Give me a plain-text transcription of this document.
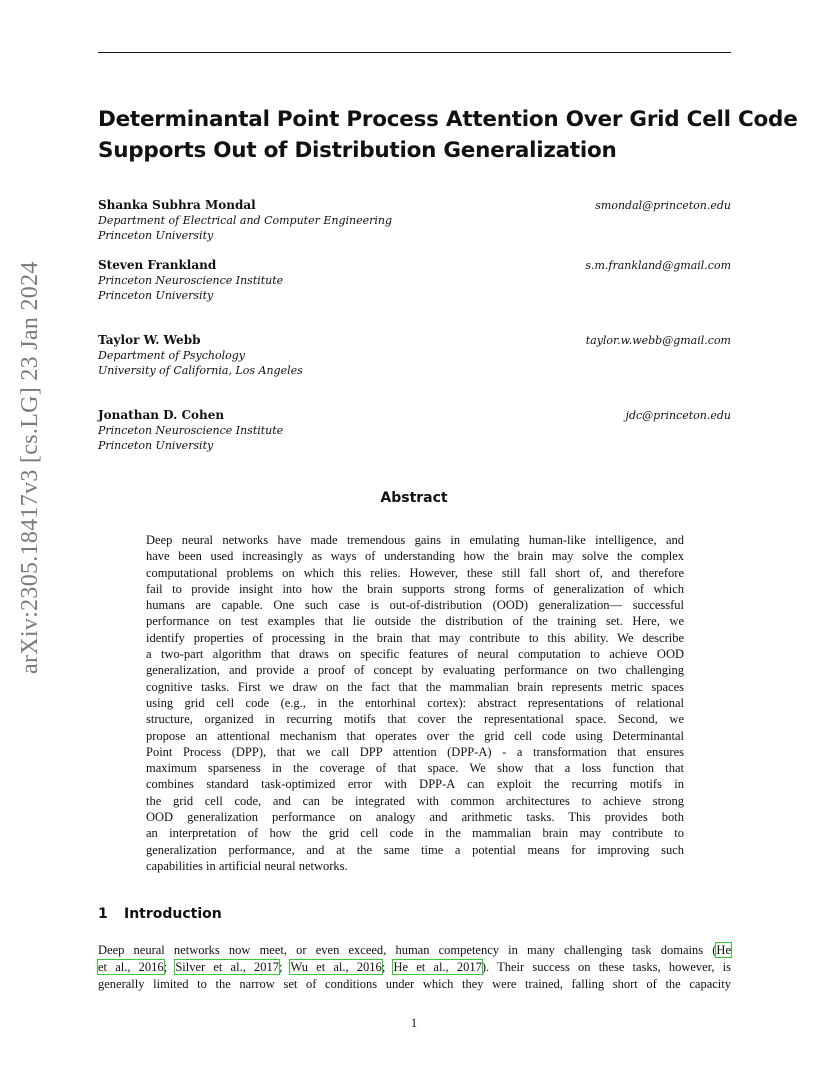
arXiv:2305.18417v3 [cs.LG] 23 Jan 2024
Determinantal Point Process Attention Over Grid Cell Code
Supports Out of Distribution Generalization
Shanka Subhra Mondal	smondal@princeton.edu
Department of Electrical and Computer Engineering
Princeton University
Steven Frankland	s.m.frankland@gmail.com
Princeton Neuroscience Institute
Princeton University
Taylor W. Webb	taylor.w.webb@gmail.com
Department of Psychology
University of California, Los Angeles
Jonathan D. Cohen	jdc@princeton.edu
Princeton Neuroscience Institute
Princeton University
Abstract
Deep neural networks have made tremendous gains in emulating human-like intelligence, and
have been used increasingly as ways of understanding how the brain may solve the complex
computational problems on which this relies. However, these still fall short of, and therefore
fail to provide insight into how the brain supports strong forms of generalization of which
humans are capable. One such case is out-of-distribution (OOD) generalization— successful
performance on test examples that lie outside the distribution of the training set. Here, we
identify properties of processing in the brain that may contribute to this ability. We describe
a two-part algorithm that draws on specific features of neural computation to achieve OOD
generalization, and provide a proof of concept by evaluating performance on two challenging
cognitive tasks. First we draw on the fact that the mammalian brain represents metric spaces
using grid cell code (e.g., in the entorhinal cortex): abstract representations of relational
structure, organized in recurring motifs that cover the representational space. Second, we
propose an attentional mechanism that operates over the grid cell code using Determinantal
Point Process (DPP), that we call DPP attention (DPP-A) - a transformation that ensures
maximum sparseness in the coverage of that space. We show that a loss function that
combines standard task-optimized error with DPP-A can exploit the recurring motifs in
the grid cell code, and can be integrated with common architectures to achieve strong
OOD generalization performance on analogy and arithmetic tasks. This provides both
an interpretation of how the grid cell code in the mammalian brain may contribute to
generalization performance, and at the same time a potential means for improving such
capabilities in artificial neural networks.
1 Introduction
Deep neural networks now meet, or even exceed, human competency in many challenging task domains (He
et al., 2016; Silver et al., 2017; Wu et al., 2016; He et al., 2017). Their success on these tasks, however, is
generally limited to the narrow set of conditions under which they were trained, falling short of the capacity
1
